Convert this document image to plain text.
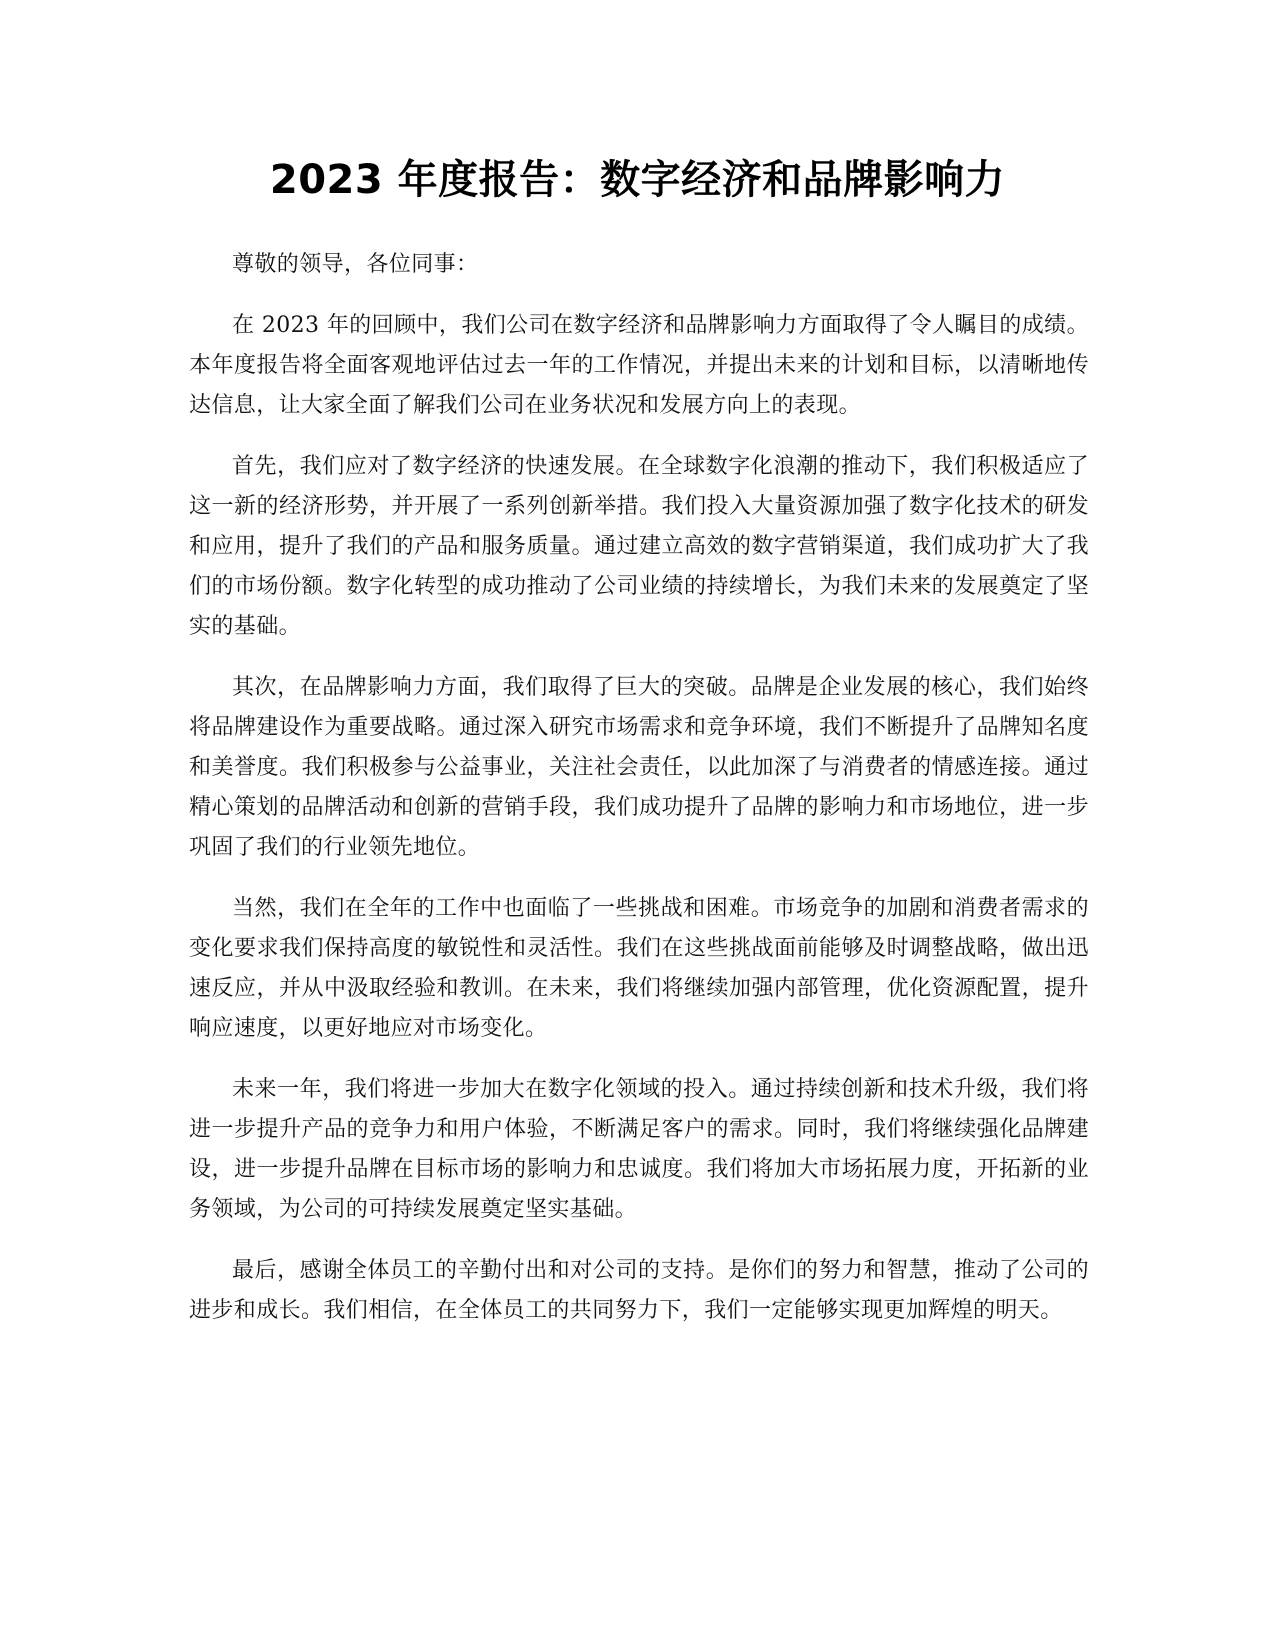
2023 年度报告：数字经济和品牌影响力

尊敬的领导，各位同事：

在 2023 年的回顾中，我们公司在数字经济和品牌影响力方面取得了令人瞩目的成绩。本年度报告将全面客观地评估过去一年的工作情况，并提出未来的计划和目标，以清晰地传达信息，让大家全面了解我们公司在业务状况和发展方向上的表现。

首先，我们应对了数字经济的快速发展。在全球数字化浪潮的推动下，我们积极适应了这一新的经济形势，并开展了一系列创新举措。我们投入大量资源加强了数字化技术的研发和应用，提升了我们的产品和服务质量。通过建立高效的数字营销渠道，我们成功扩大了我们的市场份额。数字化转型的成功推动了公司业绩的持续增长，为我们未来的发展奠定了坚实的基础。

其次，在品牌影响力方面，我们取得了巨大的突破。品牌是企业发展的核心，我们始终将品牌建设作为重要战略。通过深入研究市场需求和竞争环境，我们不断提升了品牌知名度和美誉度。我们积极参与公益事业，关注社会责任，以此加深了与消费者的情感连接。通过精心策划的品牌活动和创新的营销手段，我们成功提升了品牌的影响力和市场地位，进一步巩固了我们的行业领先地位。

当然，我们在全年的工作中也面临了一些挑战和困难。市场竞争的加剧和消费者需求的变化要求我们保持高度的敏锐性和灵活性。我们在这些挑战面前能够及时调整战略，做出迅速反应，并从中汲取经验和教训。在未来，我们将继续加强内部管理，优化资源配置，提升响应速度，以更好地应对市场变化。

未来一年，我们将进一步加大在数字化领域的投入。通过持续创新和技术升级，我们将进一步提升产品的竞争力和用户体验，不断满足客户的需求。同时，我们将继续强化品牌建设，进一步提升品牌在目标市场的影响力和忠诚度。我们将加大市场拓展力度，开拓新的业务领域，为公司的可持续发展奠定坚实基础。

最后，感谢全体员工的辛勤付出和对公司的支持。是你们的努力和智慧，推动了公司的进步和成长。我们相信，在全体员工的共同努力下，我们一定能够实现更加辉煌的明天。
